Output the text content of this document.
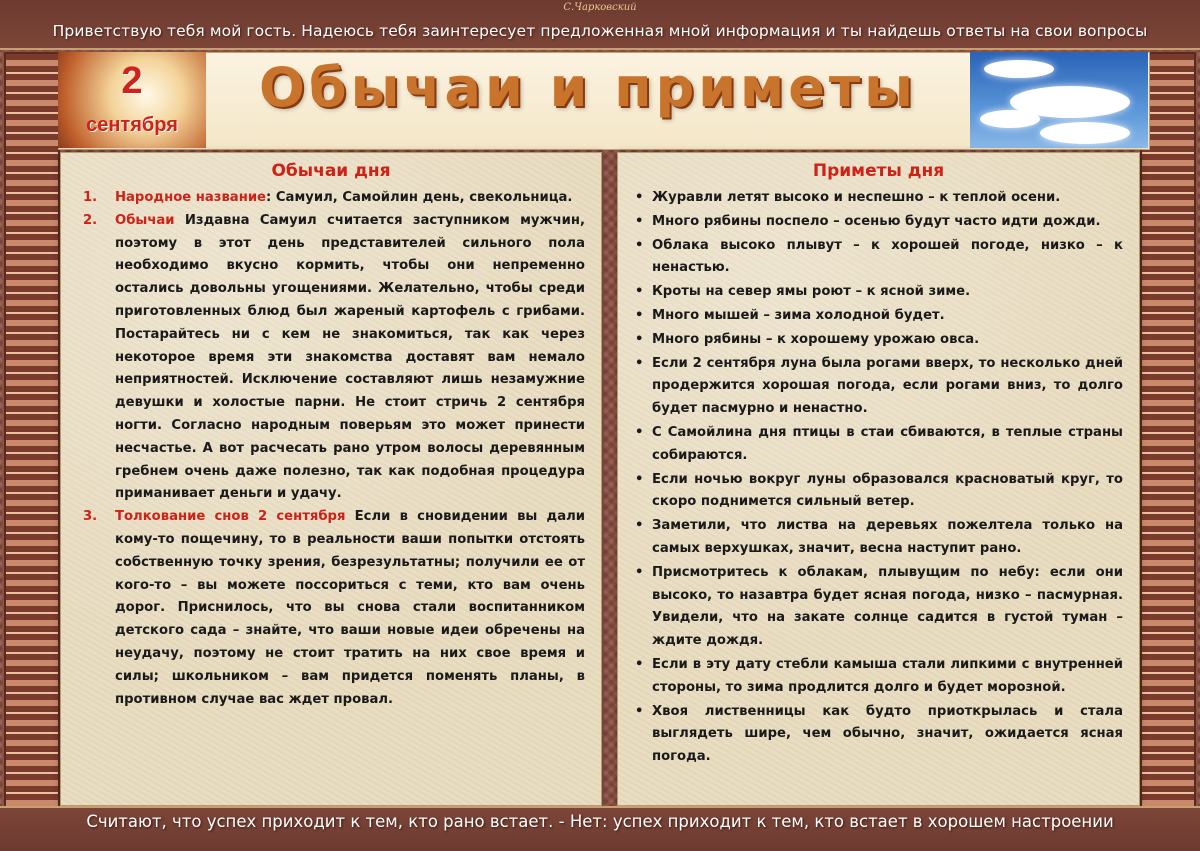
С.Чарковский
Приветствую тебя мой гость. Надеюсь тебя заинтересует предложенная мной информация и ты найдешь ответы на свои вопросы
2
сентября
Обычаи и приметы
Обычаи дня
1. Народное название: Самуил, Самойлин день, свекольница.
2. Обычаи Издавна Самуил считается заступником мужчин, поэтому в этот день представителей сильного пола необходимо вкусно кормить, чтобы они непременно остались довольны угощениями. Желательно, чтобы среди приготовленных блюд был жареный картофель с грибами. Постарайтесь ни с кем не знакомиться, так как через некоторое время эти знакомства доставят вам немало неприятностей. Исключение составляют лишь незамужние девушки и холостые парни. Не стоит стричь 2 сентября ногти. Согласно народным поверьям это может принести несчастье. А вот расчесать рано утром волосы деревянным гребнем очень даже полезно, так как подобная процедура приманивает деньги и удачу.
3. Толкование снов 2 сентября Если в сновидении вы дали кому-то пощечину, то в реальности ваши попытки отстоять собственную точку зрения, безрезультатны; получили ее от кого-то – вы можете поссориться с теми, кто вам очень дорог. Приснилось, что вы снова стали воспитанником детского сада – знайте, что ваши новые идеи обречены на неудачу, поэтому не стоит тратить на них свое время и силы; школьником – вам придется поменять планы, в противном случае вас ждет провал.
Приметы дня
• Журавли летят высоко и неспешно – к теплой осени.
• Много рябины поспело – осенью будут часто идти дожди.
• Облака высоко плывут – к хорошей погоде, низко – к ненастью.
• Кроты на север ямы роют – к ясной зиме.
• Много мышей – зима холодной будет.
• Много рябины – к хорошему урожаю овса.
• Если 2 сентября луна была рогами вверх, то несколько дней продержится хорошая погода, если рогами вниз, то долго будет пасмурно и ненастно.
• С Самойлина дня птицы в стаи сбиваются, в теплые страны собираются.
• Если ночью вокруг луны образовался красноватый круг, то скоро поднимется сильный ветер.
• Заметили, что листва на деревьях пожелтела только на самых верхушках, значит, весна наступит рано.
• Присмотритесь к облакам, плывущим по небу: если они высоко, то назавтра будет ясная погода, низко – пасмурная. Увидели, что на закате солнце садится в густой туман – ждите дождя.
• Если в эту дату стебли камыша стали липкими с внутренней стороны, то зима продлится долго и будет морозной.
• Хвоя лиственницы как будто приоткрылась и стала выглядеть шире, чем обычно, значит, ожидается ясная погода.
Считают, что успех приходит к тем, кто рано встает. - Нет: успех приходит к тем, кто встает в хорошем настроении
